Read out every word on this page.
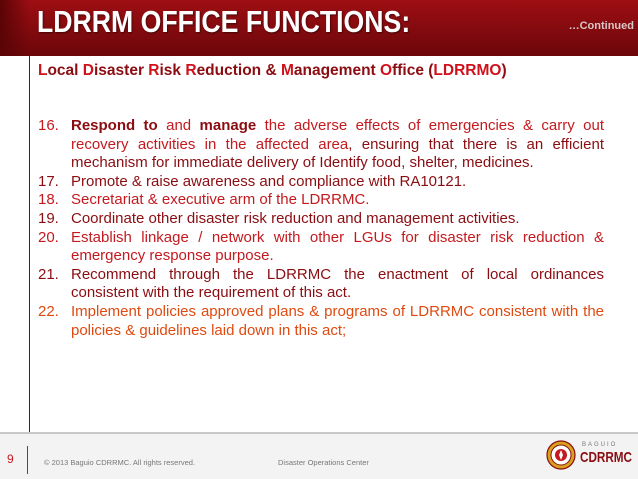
LDRRM OFFICE FUNCTIONS:	…Continued
Local Disaster Risk Reduction & Management Office (LDRRMO)
16. Respond to and manage the adverse effects of emergencies & carry out recovery activities in the affected area, ensuring that there is an efficient mechanism for immediate delivery of Identify food, shelter, medicines.
17. Promote & raise awareness and compliance with RA10121.
18. Secretariat & executive arm of the LDRRMC.
19. Coordinate other disaster risk reduction and management activities.
20. Establish linkage / network with other LGUs for disaster risk reduction & emergency response purpose.
21. Recommend through the LDRRMC the enactment of local ordinances consistent with the requirement of this act.
22. Implement policies approved plans & programs of LDRRMC consistent with the policies & guidelines laid down in this act;
9	© 2013 Baguio CDRRMC. All rights reserved.	Disaster Operations Center
BAGUIO
CDRRMC
